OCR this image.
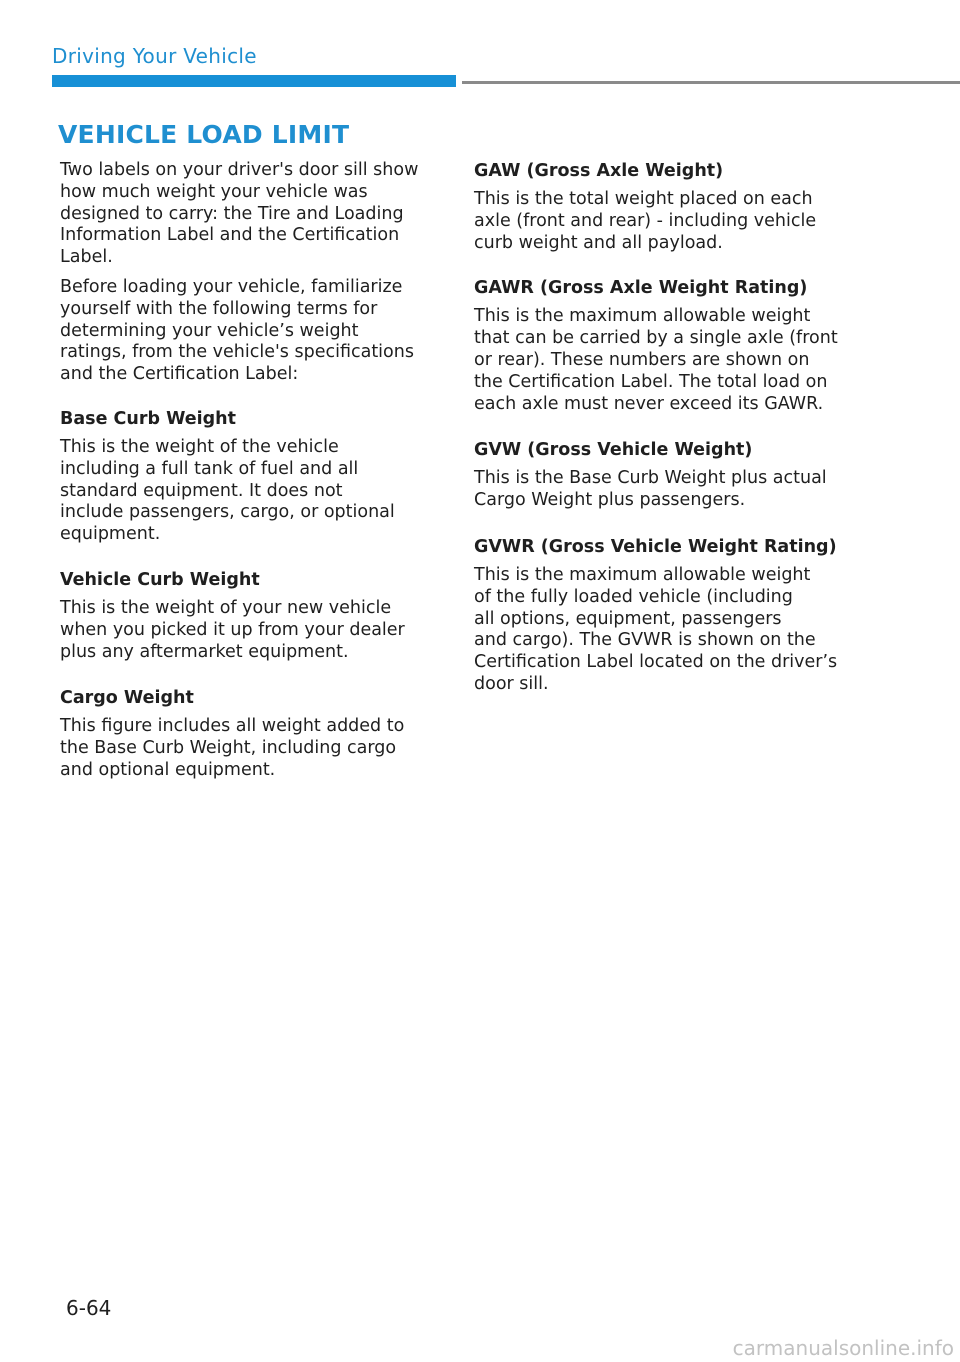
Driving Your Vehicle
VEHICLE LOAD LIMIT

Two labels on your driver's door sill show
how much weight your vehicle was
designed to carry: the Tire and Loading
Information Label and the Certification
Label.

Before loading your vehicle, familiarize
yourself with the following terms for
determining your vehicle’s weight
ratings, from the vehicle's specifications
and the Certification Label:

Base Curb Weight

This is the weight of the vehicle
including a full tank of fuel and all
standard equipment. It does not
include passengers, cargo, or optional
equipment.

Vehicle Curb Weight

This is the weight of your new vehicle
when you picked it up from your dealer
plus any aftermarket equipment.

Cargo Weight

This figure includes all weight added to
the Base Curb Weight, including cargo
and optional equipment.

GAW (Gross Axle Weight)

This is the total weight placed on each
axle (front and rear) - including vehicle
curb weight and all payload.

GAWR (Gross Axle Weight Rating)

This is the maximum allowable weight
that can be carried by a single axle (front
or rear). These numbers are shown on
the Certification Label. The total load on
each axle must never exceed its GAWR.

GVW (Gross Vehicle Weight)

This is the Base Curb Weight plus actual
Cargo Weight plus passengers.

GVWR (Gross Vehicle Weight Rating)

This is the maximum allowable weight
of the fully loaded vehicle (including
all options, equipment, passengers
and cargo). The GVWR is shown on the
Certification Label located on the driver’s
door sill.

6-64
carmanualsonline.info
